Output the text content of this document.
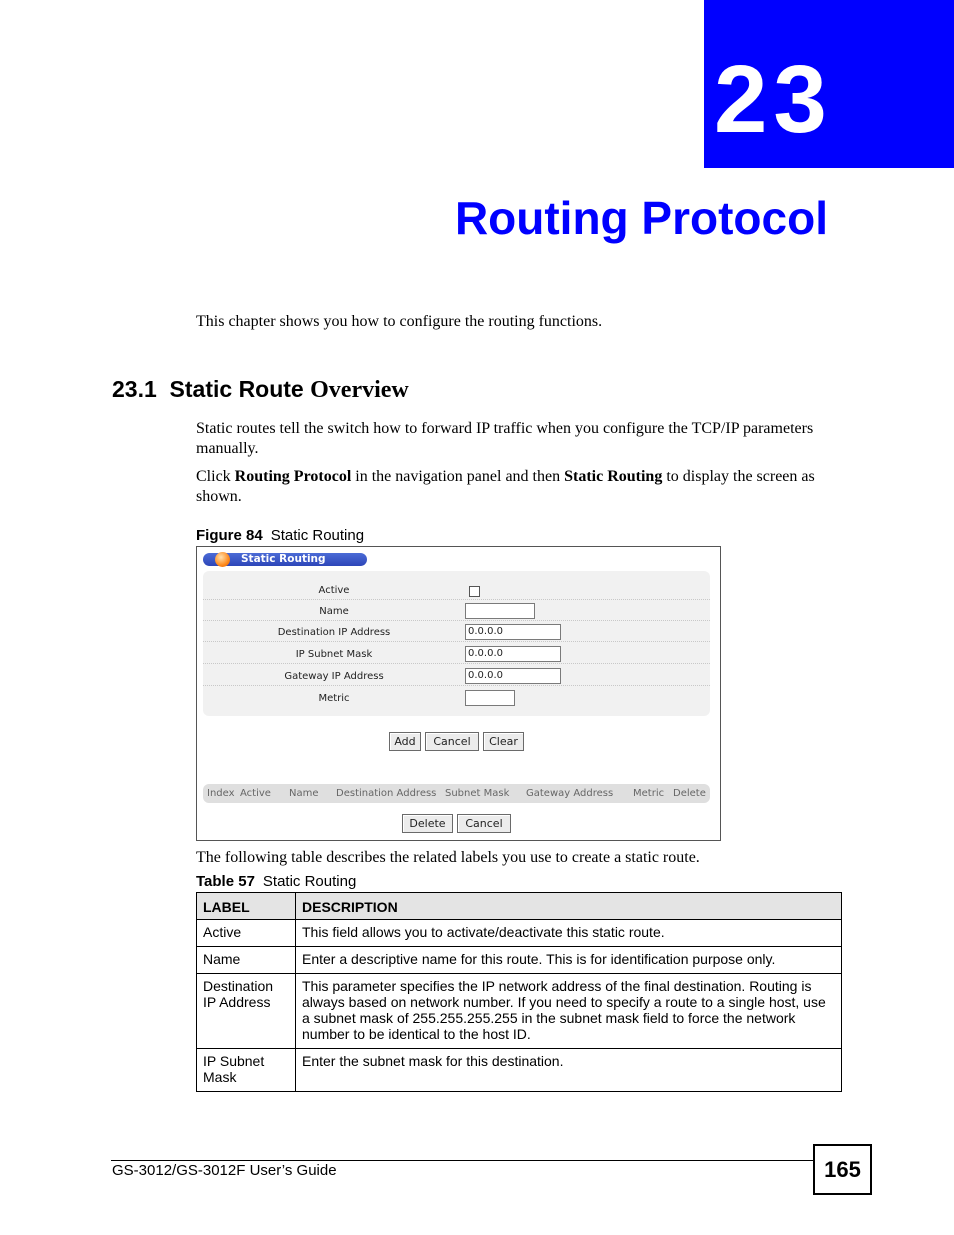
23
Routing Protocol
This chapter shows you how to configure the routing functions.
23.1 Static Route Overview
Static routes tell the switch how to forward IP traffic when you configure the TCP/IP parameters manually.
Click Routing Protocol in the navigation panel and then Static Routing to display the screen as shown.
Figure 84 Static Routing
Static Routing
Active
Name
Destination IP Address	0.0.0.0
IP Subnet Mask	0.0.0.0
Gateway IP Address	0.0.0.0
Metric
Add	Cancel	Clear
Index Active Name Destination Address Subnet Mask Gateway Address Metric Delete
Delete	Cancel
The following table describes the related labels you use to create a static route.
Table 57 Static Routing
LABEL	DESCRIPTION
Active	This field allows you to activate/deactivate this static route.
Name	Enter a descriptive name for this route. This is for identification purpose only.
Destination IP Address	This parameter specifies the IP network address of the final destination. Routing is always based on network number. If you need to specify a route to a single host, use a subnet mask of 255.255.255.255 in the subnet mask field to force the network number to be identical to the host ID.
IP Subnet Mask	Enter the subnet mask for this destination.
GS-3012/GS-3012F User’s Guide	165
